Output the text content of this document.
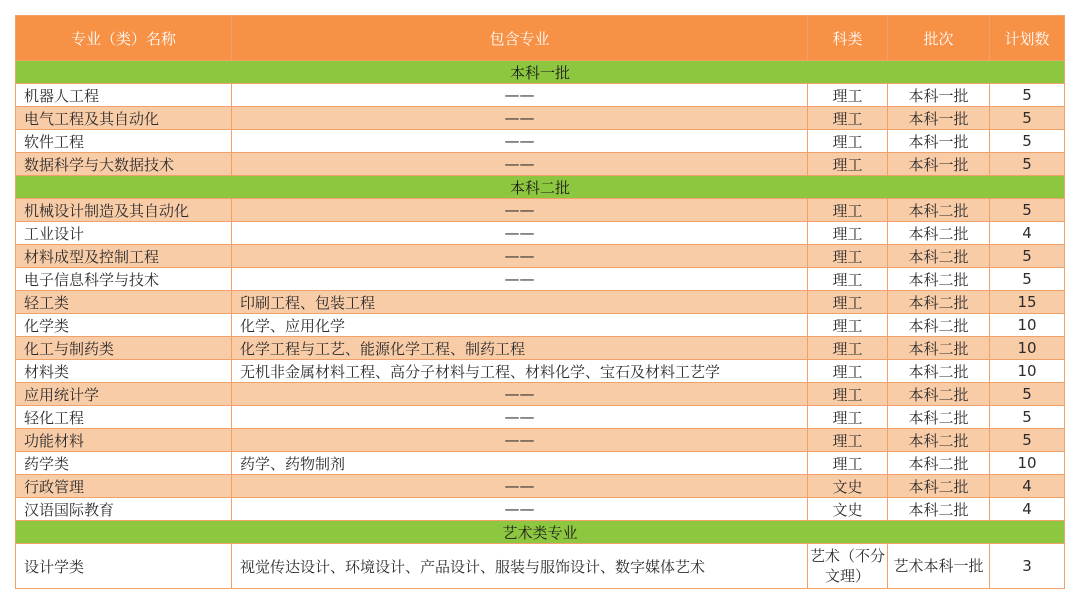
专业（类）名称	包含专业	科类	批次	计划数
本科一批				
机器人工程	——	理工	本科一批	5
电气工程及其自动化	——	理工	本科一批	5
软件工程	——	理工	本科一批	5
数据科学与大数据技术	——	理工	本科一批	5
本科二批				
机械设计制造及其自动化	——	理工	本科二批	5
工业设计	——	理工	本科二批	4
材料成型及控制工程	——	理工	本科二批	5
电子信息科学与技术	——	理工	本科二批	5
轻工类	印刷工程、包装工程	理工	本科二批	15
化学类	化学、应用化学	理工	本科二批	10
化工与制药类	化学工程与工艺、能源化学工程、制药工程	理工	本科二批	10
材料类	无机非金属材料工程、高分子材料与工程、材料化学、宝石及材料工艺学	理工	本科二批	10
应用统计学	——	理工	本科二批	5
轻化工程	——	理工	本科二批	5
功能材料	——	理工	本科二批	5
药学类	药学、药物制剂	理工	本科二批	10
行政管理	——	文史	本科二批	4
汉语国际教育	——	文史	本科二批	4
艺术类专业				
设计学类	视觉传达设计、环境设计、产品设计、服装与服饰设计、数字媒体艺术	艺术（不分文理）	艺术本科一批	3
